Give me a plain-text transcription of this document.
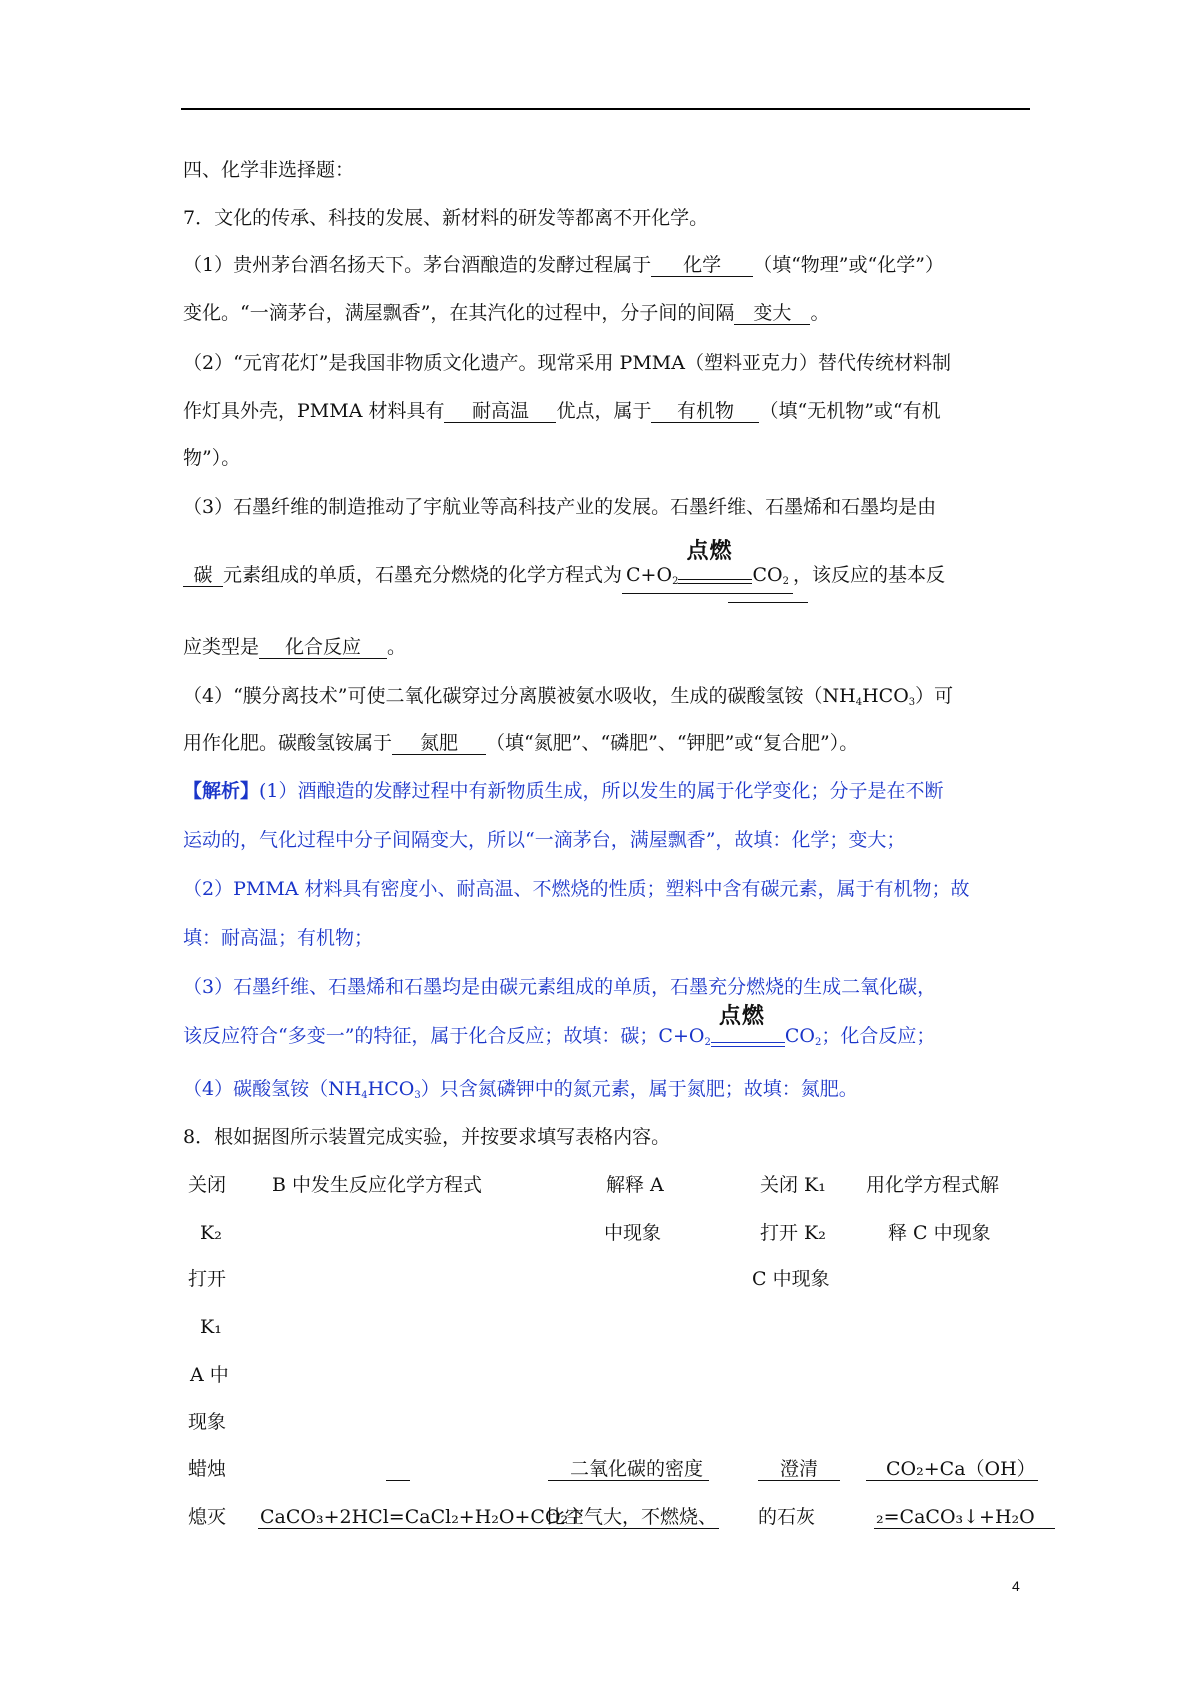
四、化学非选择题：
7．文化的传承、科技的发展、新材料的研发等都离不开化学。
（1）贵州茅台酒名扬天下。茅台酒酿造的发酵过程属于 化学 （填“物理”或“化学”）
变化。“一滴茅台，满屋飘香”，在其汽化的过程中，分子间的间隔 变大 。
（2）“元宵花灯”是我国非物质文化遗产。现常采用 PMMA（塑料亚克力）替代传统材料制
作灯具外壳，PMMA 材料具有 耐高温 优点，属于 有机物 （填“无机物”或“有机
物”）。
（3）石墨纤维的制造推动了宇航业等高科技产业的发展。石墨纤维、石墨烯和石墨均是由
碳 元素组成的单质，石墨充分燃烧的化学方程式为 $C+O_2$
点燃
$CO_2$ ，该反应的基本反
应类型是 化合反应 。
（4）“膜分离技术”可使二氧化碳穿过分离膜被氨水吸收，生成的碳酸氢铵$(NH_4HCO_3)$可
用作化肥。碳酸氢铵属于 氮肥 （填“氮肥”、“磷肥”、“钾肥”或“复合肥”）。
【解析】(1）酒酿造的发酵过程中有新物质生成，所以发生的属于化学变化；分子是在不断
运动的，气化过程中分子间隔变大，所以“一滴茅台，满屋飘香”，故填：化学；变大；
（2）PMMA 材料具有密度小、耐高温、不燃烧的性质；塑料中含有碳元素，属于有机物；故
填：耐高温；有机物；
（3）石墨纤维、石墨烯和石墨均是由碳元素组成的单质，石墨充分燃烧的生成二氧化碳，
该反应符合“多变一”的特征，属于化合反应；故填：碳；$C+O_2$
点燃
$CO_2$；化合反应；
（4）碳酸氢铵$(NH_4HCO_3)$只含氮磷钾中的氮元素，属于氮肥；故填：氮肥。
8．根如据图所示装置完成实验，并按要求填写表格内容。
关闭
K₂
打开
K₁
A 中
现象
蜡烛
熄灭
B 中发生反应化学方程式	解释 A
中现象
关闭 K₁
打开 K₂
C 中现象
用化学方程式解
释 C 中现象
CaCO₃+2HCl=CaCl₂+H₂O+CO₂↑
二氧化碳的密度
比空气大，不燃烧、
澄清
的石灰
CO₂+Ca（OH）
₂=CaCO₃↓+H₂O
4
